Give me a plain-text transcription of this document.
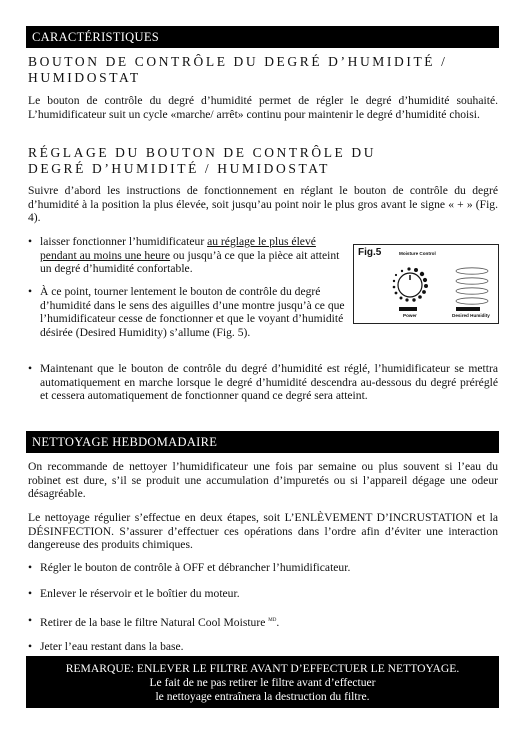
CARACTÉRISTIQUES
BOUTON DE CONTRÔLE DU DEGRÉ D’HUMIDITÉ /
HUMIDOSTAT
Le bouton de contrôle du degré d’humidité permet de régler le degré d’humidité souhaité. L’humidificateur suit un cycle «marche/ arrêt» continu pour maintenir le degré d’humidité choisi.
RÉGLAGE DU BOUTON DE CONTRÔLE DU
DEGRÉ D’HUMIDITÉ / HUMIDOSTAT
Suivre d’abord les instructions de fonctionnement en réglant le bouton de contrôle du degré d’humidité à la position la plus élevée, soit jusqu’au point noir le plus gros avant le signe « + » (Fig. 4).
• laisser fonctionner l’humidificateur au réglage le plus élevé pendant au moins une heure ou jusqu’à ce que la pièce ait atteint un degré d’humidité confortable.
• À ce point, tourner lentement le bouton de contrôle du degré d’humidité dans le sens des aiguilles d’une montre jusqu’à ce que l’humidificateur cesse de fonctionner et que le voyant d’humidité désirée (Desired Humidity) s’allume (Fig. 5).
Fig.5	Moisture Control
Power	Desired Humidity
• Maintenant que le bouton de contrôle du degré d’humidité est réglé, l’humidificateur se mettra automatiquement en marche lorsque le degré d’humidité descendra au-dessous du degré préréglé et cessera automatiquement de fonctionner quand ce degré sera atteint.
NETTOYAGE HEBDOMADAIRE
On recommande de nettoyer l’humidificateur une fois par semaine ou plus souvent si l’eau du robinet est dure, s’il se produit une accumulation d’impuretés ou si l’appareil dégage une odeur désagréable.
Le nettoyage régulier s’effectue en deux étapes, soit L’ENLÈVEMENT D’INCRUSTATION et la DÉSINFECTION. S’assurer d’effectuer ces opérations dans l’ordre afin d’éviter une interaction dangereuse des produits chimiques.
• Régler le bouton de contrôle à OFF et débrancher l’humidificateur.
• Enlever le réservoir et le boîtier du moteur.
• Retirer de la base le filtre Natural Cool Moisture $^{MD}$.
• Jeter l’eau restant dans la base.
REMARQUE: ENLEVER LE FILTRE AVANT D’EFFECTUER LE NETTOYAGE.
Le fait de ne pas retirer le filtre avant d’effectuer
le nettoyage entraînera la destruction du filtre.
